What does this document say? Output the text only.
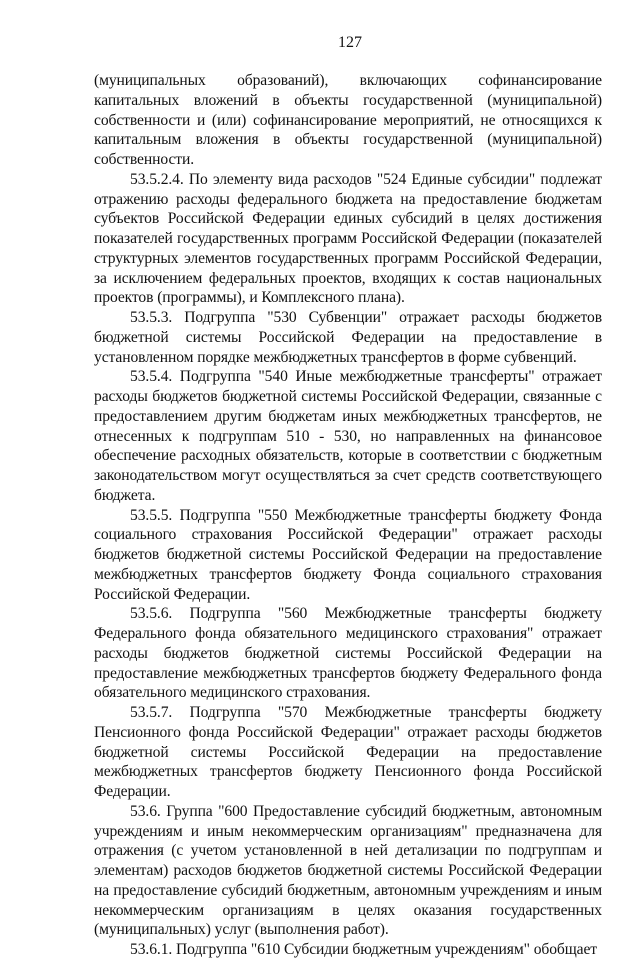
127

(муниципальных образований), включающих софинансирование капитальных вложений в объекты государственной (муниципальной) собственности и (или) софинансирование мероприятий, не относящихся к капитальным вложения в объекты государственной (муниципальной) собственности.

53.5.2.4. По элементу вида расходов "524 Единые субсидии" подлежат отражению расходы федерального бюджета на предоставление бюджетам субъектов Российской Федерации единых субсидий в целях достижения показателей государственных программ Российской Федерации (показателей структурных элементов государственных программ Российской Федерации, за исключением федеральных проектов, входящих к состав национальных проектов (программы), и Комплексного плана).

53.5.3. Подгруппа "530 Субвенции" отражает расходы бюджетов бюджетной системы Российской Федерации на предоставление в установленном порядке межбюджетных трансфертов в форме субвенций.

53.5.4. Подгруппа "540 Иные межбюджетные трансферты" отражает расходы бюджетов бюджетной системы Российской Федерации, связанные с предоставлением другим бюджетам иных межбюджетных трансфертов, не отнесенных к подгруппам 510 - 530, но направленных на финансовое обеспечение расходных обязательств, которые в соответствии с бюджетным законодательством могут осуществляться за счет средств соответствующего бюджета.

53.5.5. Подгруппа "550 Межбюджетные трансферты бюджету Фонда социального страхования Российской Федерации" отражает расходы бюджетов бюджетной системы Российской Федерации на предоставление межбюджетных трансфертов бюджету Фонда социального страхования Российской Федерации.

53.5.6. Подгруппа "560 Межбюджетные трансферты бюджету Федерального фонда обязательного медицинского страхования" отражает расходы бюджетов бюджетной системы Российской Федерации на предоставление межбюджетных трансфертов бюджету Федерального фонда обязательного медицинского страхования.

53.5.7. Подгруппа "570 Межбюджетные трансферты бюджету Пенсионного фонда Российской Федерации" отражает расходы бюджетов бюджетной системы Российской Федерации на предоставление межбюджетных трансфертов бюджету Пенсионного фонда Российской Федерации.

53.6. Группа "600 Предоставление субсидий бюджетным, автономным учреждениям и иным некоммерческим организациям" предназначена для отражения (с учетом установленной в ней детализации по подгруппам и элементам) расходов бюджетов бюджетной системы Российской Федерации на предоставление субсидий бюджетным, автономным учреждениям и иным некоммерческим организациям в целях оказания государственных (муниципальных) услуг (выполнения работ).

53.6.1. Подгруппа "610 Субсидии бюджетным учреждениям" обобщает
